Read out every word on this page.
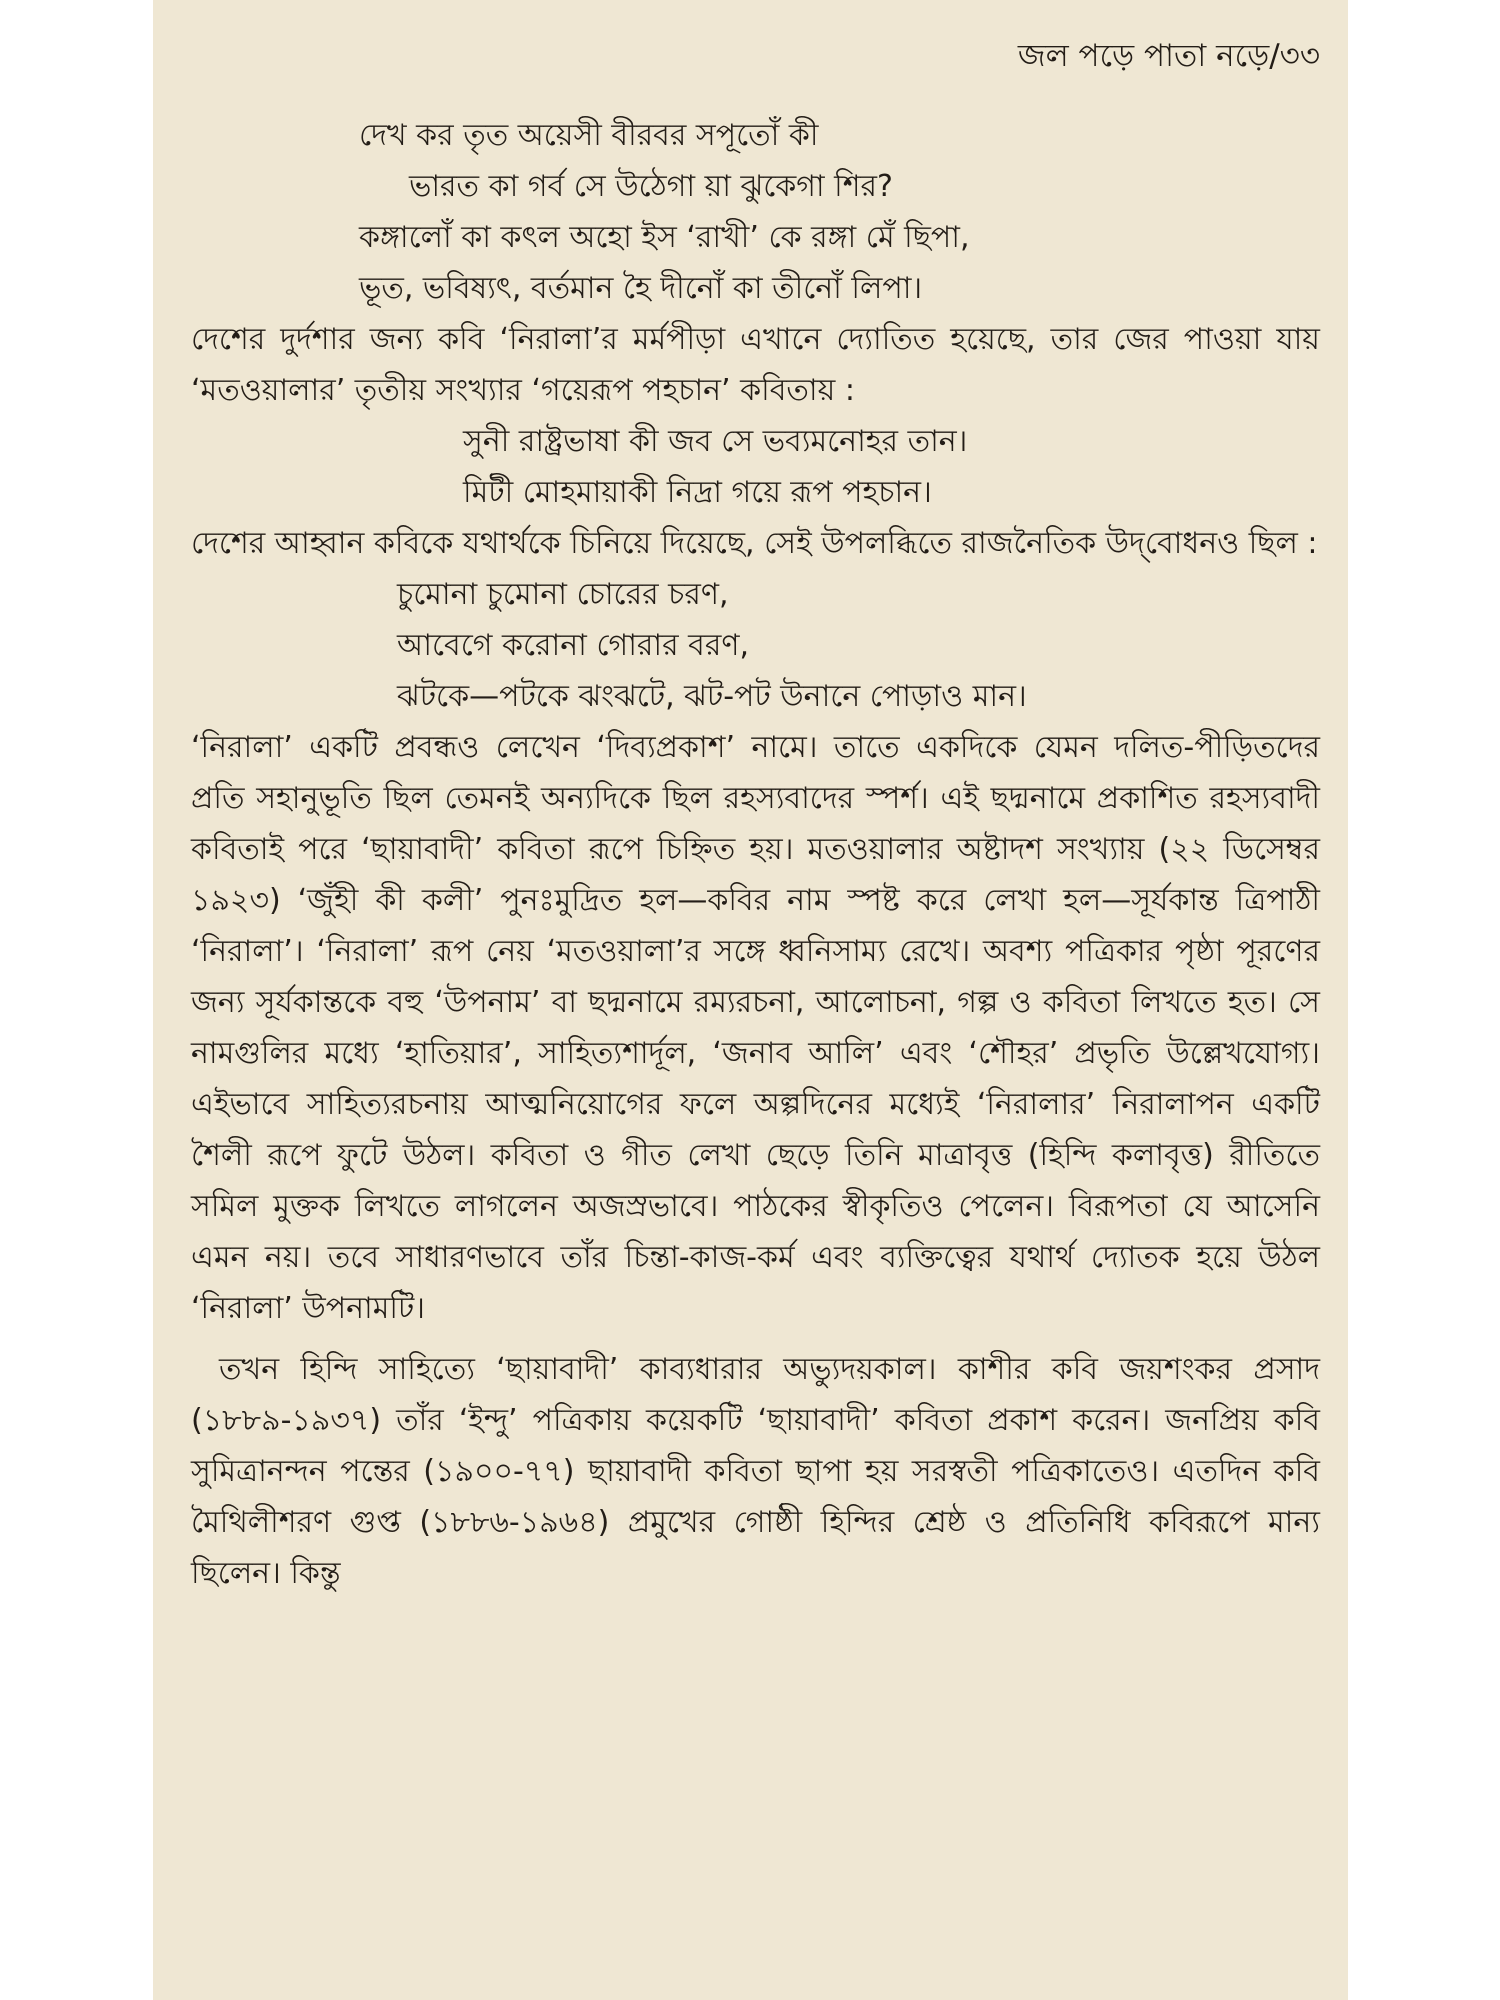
জল পড়ে পাতা নড়ে/৩৩

দেখ কর তৃত অয়েসী বীরবর সপূতোঁ কী
ভারত কা গর্ব সে উঠেগা য়া ঝুকেগা শির?
কঙ্গালোঁ কা কৎল অহো ইস ‘রাখী’ কে রঙ্গা মেঁ ছিপা,
ভূত, ভবিষ্যৎ, বর্তমান হৈ দীনোঁ কা তীনোঁ লিপা।

দেশের দুর্দশার জন্য কবি ‘নিরালা’র মর্মপীড়া এখানে দ্যোতিত হয়েছে, তার জের পাওয়া যায় ‘মতওয়ালার’ তৃতীয় সংখ্যার ‘গয়েরূপ পহচান’ কবিতায় :

সুনী রাষ্ট্রভাষা কী জব সে ভব্যমনোহর তান।
মিটী মোহমায়াকী নিদ্রা গয়ে রূপ পহচান।

দেশের আহ্বান কবিকে যথার্থকে চিনিয়ে দিয়েছে, সেই উপলব্ধিতে রাজনৈতিক উদ্‌বোধনও ছিল :

চুমোনা চুমোনা চোরের চরণ,
আবেগে করোনা গোরার বরণ,
ঝটকে—পটকে ঝংঝটে, ঝট-পট উনানে পোড়াও মান।

‘নিরালা’ একটি প্রবন্ধও লেখেন ‘দিব্যপ্রকাশ’ নামে। তাতে একদিকে যেমন দলিত-পীড়িতদের প্রতি সহানুভূতি ছিল তেমনই অন্যদিকে ছিল রহস্যবাদের স্পর্শ। এই ছদ্মনামে প্রকাশিত রহস্যবাদী কবিতাই পরে ‘ছায়াবাদী’ কবিতা রূপে চিহ্নিত হয়। মতওয়ালার অষ্টাদশ সংখ্যায় (২২ ডিসেম্বর ১৯২৩) ‘জুঁহী কী কলী’ পুনঃমুদ্রিত হল—কবির নাম স্পষ্ট করে লেখা হল—সূর্যকান্ত ত্রিপাঠী ‘নিরালা’। ‘নিরালা’ রূপ নেয় ‘মতওয়ালা’র সঙ্গে ধ্বনিসাম্য রেখে। অবশ্য পত্রিকার পৃষ্ঠা পূরণের জন্য সূর্যকান্তকে বহু ‘উপনাম’ বা ছদ্মনামে রম্যরচনা, আলোচনা, গল্প ও কবিতা লিখতে হত। সে নামগুলির মধ্যে ‘হাতিয়ার’, সাহিত্যশার্দূল, ‘জনাব আলি’ এবং ‘শৌহর’ প্রভৃতি উল্লেখযোগ্য। এইভাবে সাহিত্যরচনায় আত্মনিয়োগের ফলে অল্পদিনের মধ্যেই ‘নিরালার’ নিরালাপন একটি শৈলী রূপে ফুটে উঠল। কবিতা ও গীত লেখা ছেড়ে তিনি মাত্রাবৃত্ত (হিন্দি কলাবৃত্ত) রীতিতে সমিল মুক্তক লিখতে লাগলেন অজস্রভাবে। পাঠকের স্বীকৃতিও পেলেন। বিরূপতা যে আসেনি এমন নয়। তবে সাধারণভাবে তাঁর চিন্তা-কাজ-কর্ম এবং ব্যক্তিত্বের যথার্থ দ্যোতক হয়ে উঠল ‘নিরালা’ উপনামটি।

তখন হিন্দি সাহিত্যে ‘ছায়াবাদী’ কাব্যধারার অভ্যুদয়কাল। কাশীর কবি জয়শংকর প্রসাদ (১৮৮৯-১৯৩৭) তাঁর ‘ইন্দু’ পত্রিকায় কয়েকটি ‘ছায়াবাদী’ কবিতা প্রকাশ করেন। জনপ্রিয় কবি সুমিত্রানন্দন পন্তের (১৯০০-৭৭) ছায়াবাদী কবিতা ছাপা হয় সরস্বতী পত্রিকাতেও। এতদিন কবি মৈথিলীশরণ গুপ্ত (১৮৮৬-১৯৬৪) প্রমুখের গোষ্ঠী হিন্দির শ্রেষ্ঠ ও প্রতিনিধি কবিরূপে মান্য ছিলেন। কিন্তু
